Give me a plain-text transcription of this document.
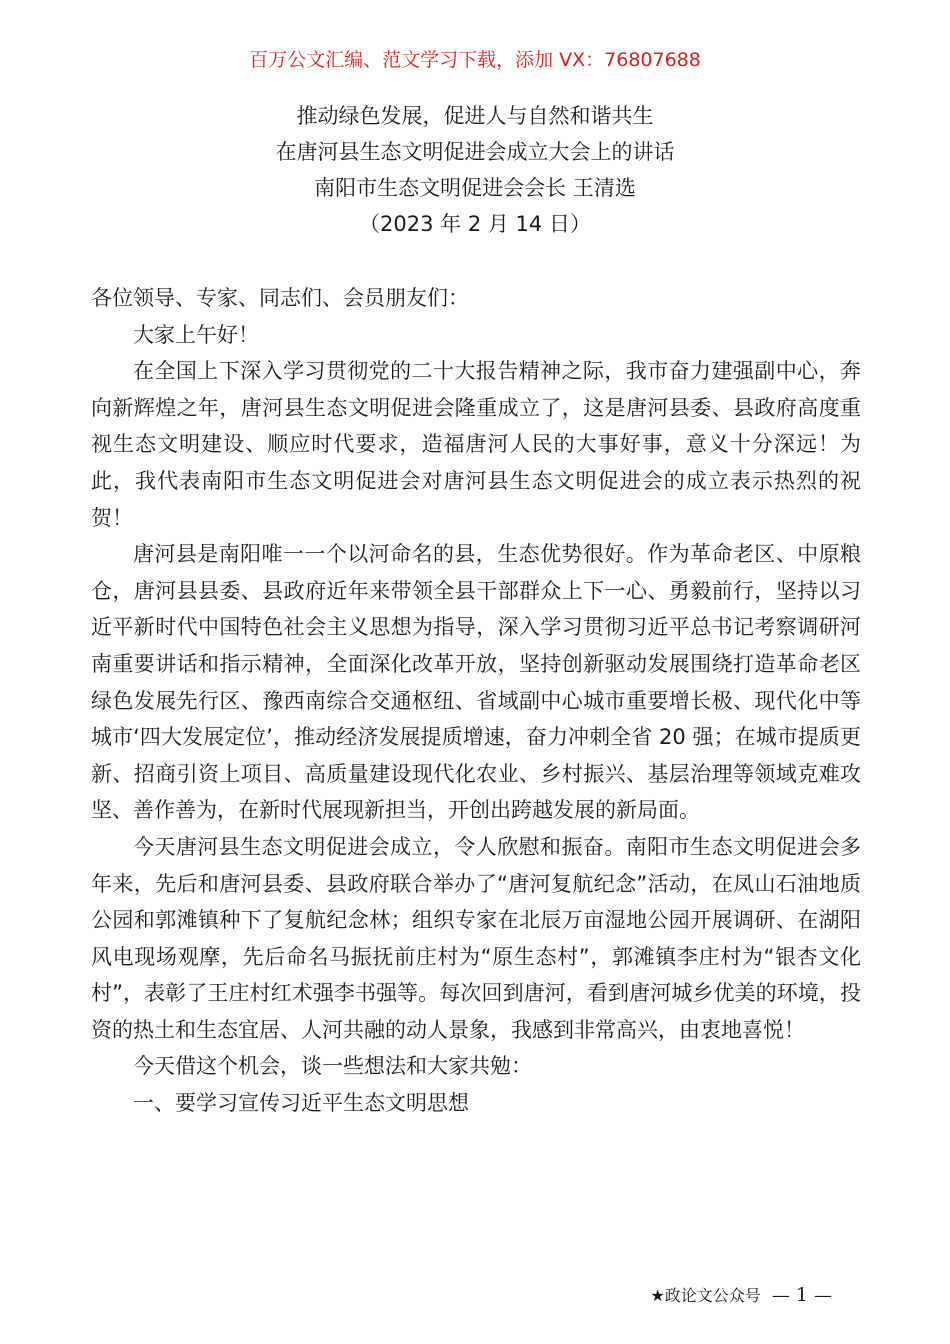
百万公文汇编、范文学习下载，添加 VX：76807688
推动绿色发展，促进人与自然和谐共生
在唐河县生态文明促进会成立大会上的讲话
南阳市生态文明促进会会长 王清选
（2023 年 2 月 14 日）

各位领导、专家、同志们、会员朋友们：

大家上午好！

在全国上下深入学习贯彻党的二十大报告精神之际，我市奋力建强副中心，奔向新辉煌之年，唐河县生态文明促进会隆重成立了，这是唐河县委、县政府高度重视生态文明建设、顺应时代要求，造福唐河人民的大事好事，意义十分深远！为此，我代表南阳市生态文明促进会对唐河县生态文明促进会的成立表示热烈的祝贺！

唐河县是南阳唯一一个以河命名的县，生态优势很好。作为革命老区、中原粮仓，唐河县县委、县政府近年来带领全县干部群众上下一心、勇毅前行，坚持以习近平新时代中国特色社会主义思想为指导，深入学习贯彻习近平总书记考察调研河南重要讲话和指示精神，全面深化改革开放，坚持创新驱动发展围绕打造革命老区绿色发展先行区、豫西南综合交通枢纽、省域副中心城市重要增长极、现代化中等城市‘四大发展定位’，推动经济发展提质增速，奋力冲刺全省 20 强；在城市提质更新、招商引资上项目、高质量建设现代化农业、乡村振兴、基层治理等领域克难攻坚、善作善为，在新时代展现新担当，开创出跨越发展的新局面。

今天唐河县生态文明促进会成立，令人欣慰和振奋。南阳市生态文明促进会多年来，先后和唐河县委、县政府联合举办了“唐河复航纪念”活动，在凤山石油地质公园和郭滩镇种下了复航纪念林；组织专家在北辰万亩湿地公园开展调研、在湖阳风电现场观摩，先后命名马振抚前庄村为“原生态村”，郭滩镇李庄村为“银杏文化村”，表彰了王庄村红术强李书强等。每次回到唐河，看到唐河城乡优美的环境，投资的热土和生态宜居、人河共融的动人景象，我感到非常高兴，由衷地喜悦！

今天借这个机会，谈一些想法和大家共勉：

一、要学习宣传习近平生态文明思想

★政论文公众号 — 1 —
